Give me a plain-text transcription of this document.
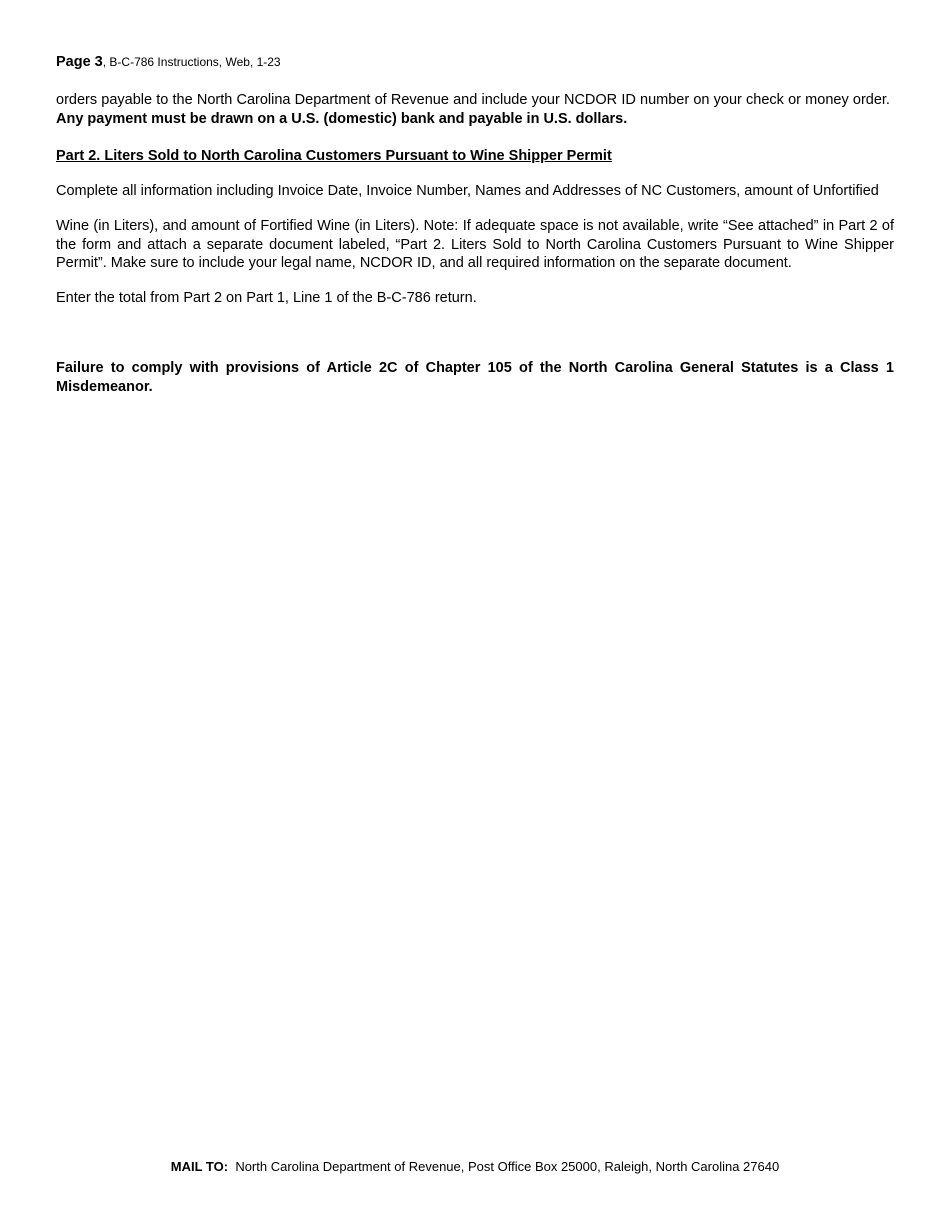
Page 3, B-C-786 Instructions, Web, 1-23
orders payable to the North Carolina Department of Revenue and include your NCDOR ID number on your check or money order.  Any payment must be drawn on a U.S. (domestic) bank and payable in U.S. dollars.
Part 2. Liters Sold to North Carolina Customers Pursuant to Wine Shipper Permit
Complete all information including Invoice Date, Invoice Number, Names and Addresses of NC Customers, amount of Unfortified
Wine (in Liters), and amount of Fortified Wine (in Liters). Note: If adequate space is not available, write “See attached” in Part 2 of the form and attach a separate document labeled, “Part 2. Liters Sold to North Carolina Customers Pursuant to Wine Shipper Permit”. Make sure to include your legal name, NCDOR ID, and all required information on the separate document.
Enter the total from Part 2 on Part 1, Line 1 of the B-C-786 return.
Failure to comply with provisions of Article 2C of Chapter 105 of the North Carolina General Statutes is a Class 1 Misdemeanor.
MAIL TO: North Carolina Department of Revenue, Post Office Box 25000, Raleigh, North Carolina 27640
